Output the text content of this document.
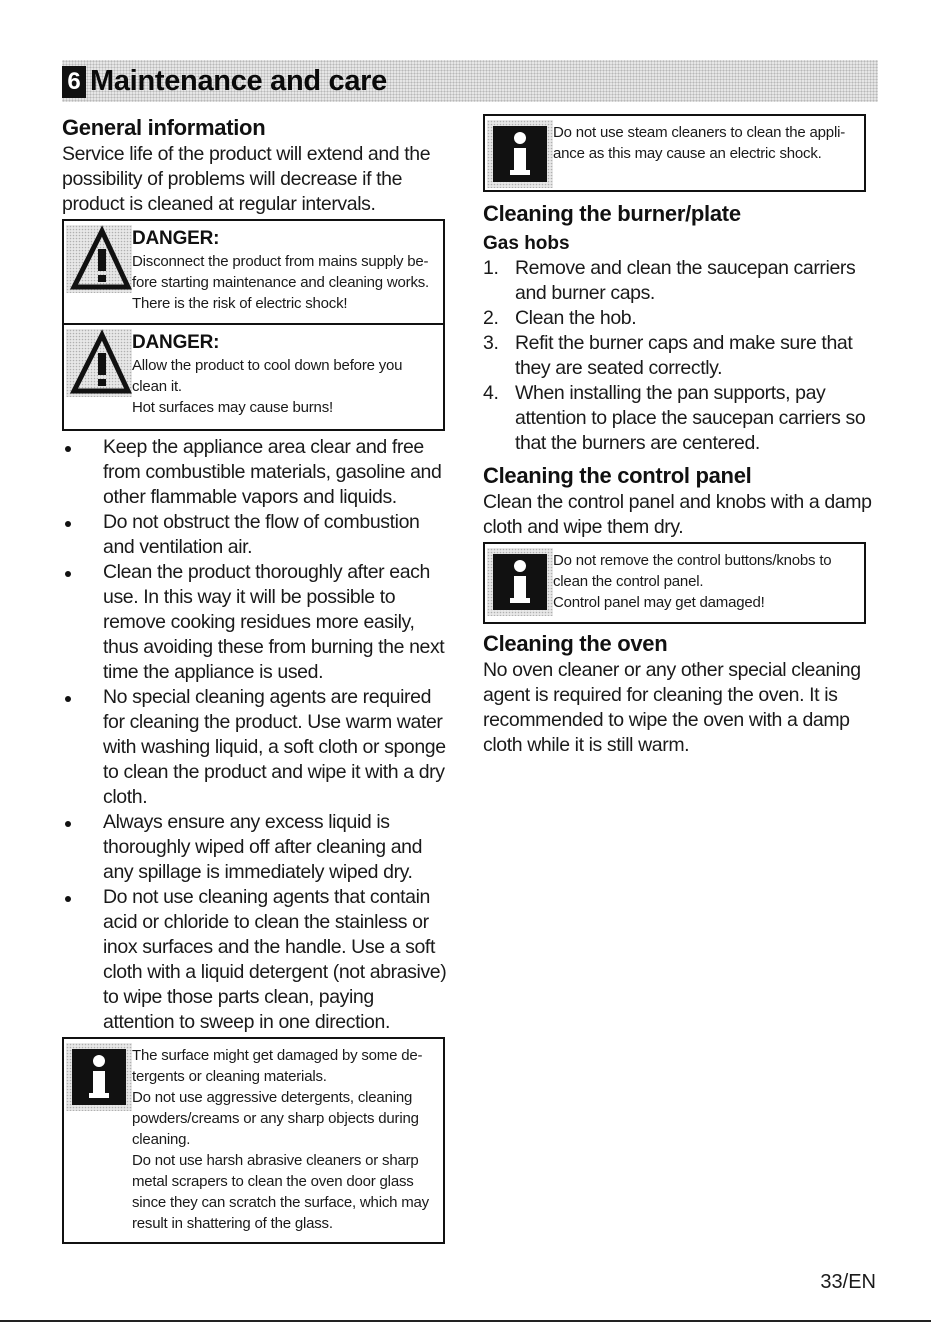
6 Maintenance and care
General information

Service life of the product will extend and the possibility of problems will decrease if the product is cleaned at regular intervals.

DANGER:
Disconnect the product from mains supply be-
fore starting maintenance and cleaning works.
There is the risk of electric shock!
DANGER:
Allow the product to cool down before you
clean it.
Hot surfaces may cause burns!
Keep the appliance area clear and free from combustible materials, gasoline and other flammable vapors and liquids.
Do not obstruct the flow of combustion and ventilation air.
Clean the product thoroughly after each use. In this way it will be possible to remove cooking residues more easily, thus avoiding these from burning the next time the appliance is used.
No special cleaning agents are required for cleaning the product. Use warm water with washing liquid, a soft cloth or sponge to clean the product and wipe it with a dry cloth.
Always ensure any excess liquid is thoroughly wiped off after cleaning and any spillage is immediately wiped dry.
Do not use cleaning agents that contain acid or chloride to clean the stainless or inox surfaces and the handle. Use a soft cloth with a liquid detergent (not abrasive) to wipe those parts clean, paying attention to sweep in one direction.
The surface might get damaged by some de-
tergents or cleaning materials.
Do not use aggressive detergents, cleaning
powders/creams or any sharp objects during
cleaning.
Do not use harsh abrasive cleaners or sharp
metal scrapers to clean the oven door glass
since they can scratch the surface, which may
result in shattering of the glass.
Do not use steam cleaners to clean the appli-
ance as this may cause an electric shock.
Cleaning the burner/plate
Gas hobs
1. Remove and clean the saucepan carriers and burner caps.
2. Clean the hob.
3. Refit the burner caps and make sure that they are seated correctly.
4. When installing the pan supports, pay attention to place the saucepan carriers so that the burners are centered.
Cleaning the control panel

Clean the control panel and knobs with a damp cloth and wipe them dry.

Do not remove the control buttons/knobs to
clean the control panel.
Control panel may get damaged!
Cleaning the oven

No oven cleaner or any other special cleaning agent is required for cleaning the oven. It is recommended to wipe the oven with a damp cloth while it is still warm.

33/EN
